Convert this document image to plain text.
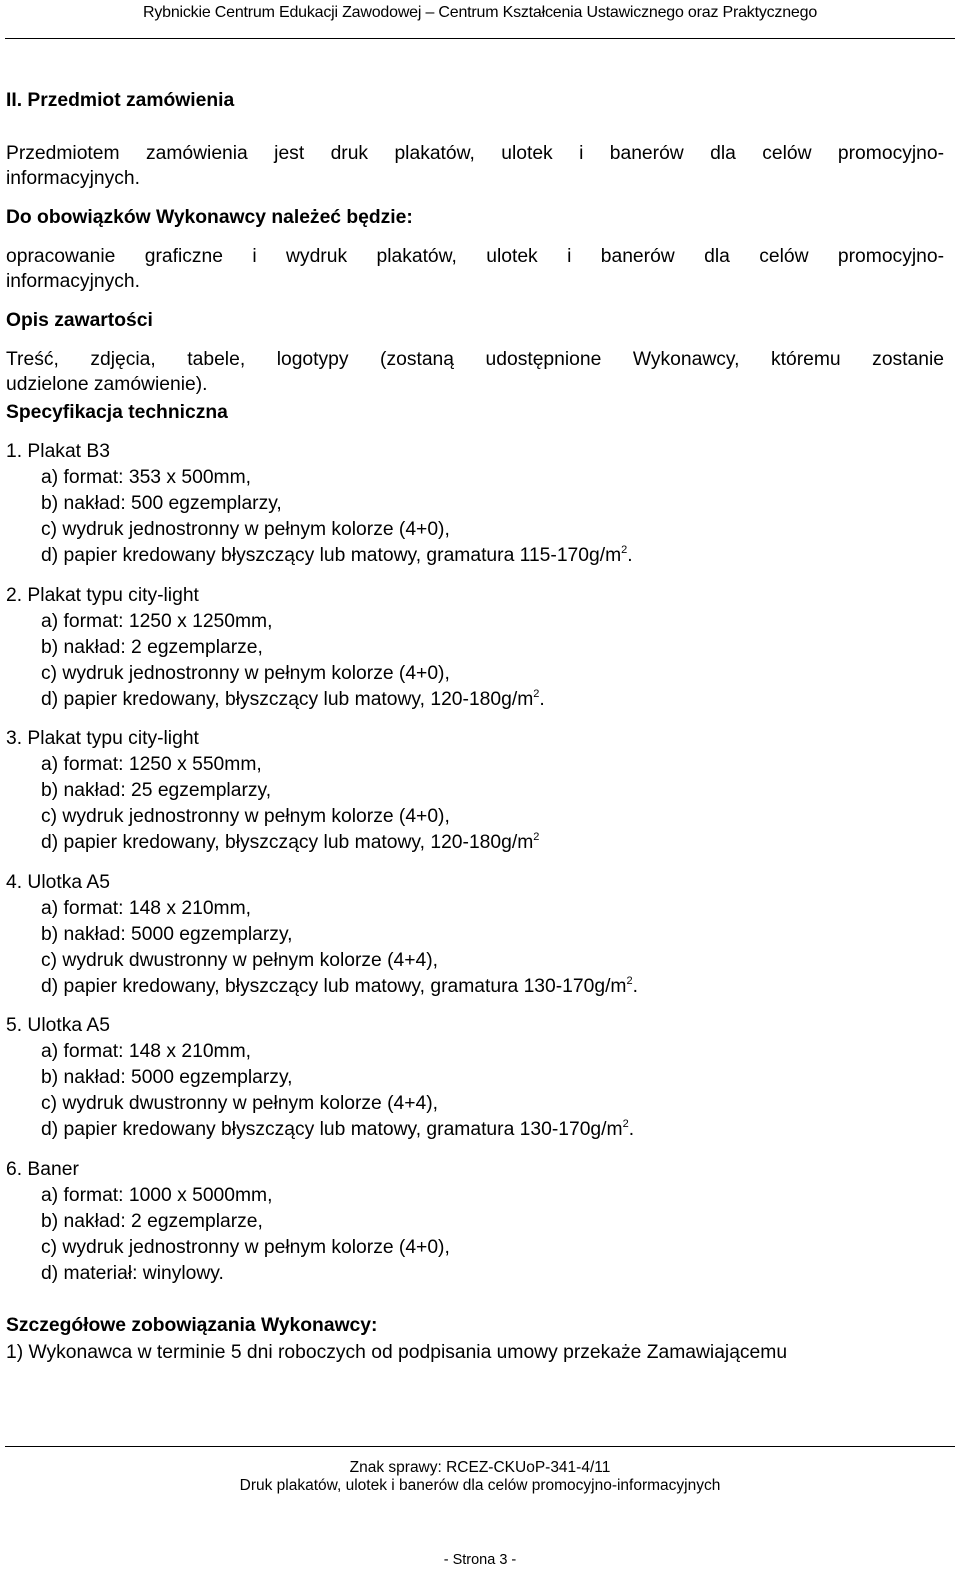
Rybnickie Centrum Edukacji Zawodowej – Centrum Kształcenia Ustawicznego oraz Praktycznego
II. Przedmiot zamówienia
Przedmiotem zamówienia jest druk plakatów, ulotek i banerów dla celów promocyjno-
informacyjnych.
Do obowiązków Wykonawcy należeć będzie:
opracowanie graficzne i wydruk plakatów, ulotek i banerów dla celów promocyjno-
informacyjnych.
Opis zawartości
Treść, zdjęcia, tabele, logotypy (zostaną udostępnione Wykonawcy, któremu zostanie
udzielone zamówienie).
Specyfikacja techniczna
1. Plakat B3
a) format: 353 x 500mm,
b) nakład: 500 egzemplarzy,
c) wydruk jednostronny w pełnym kolorze (4+0),
d) papier kredowany błyszczący lub matowy, gramatura $115-170g/m^2$.
2. Plakat typu city-light
a) format: 1250 x 1250mm,
b) nakład: 2 egzemplarze,
c) wydruk jednostronny w pełnym kolorze (4+0),
d) papier kredowany, błyszczący lub matowy, $120-180g/m^2$.
3. Plakat typu city-light
a) format: 1250 x 550mm,
b) nakład: 25 egzemplarzy,
c) wydruk jednostronny w pełnym kolorze (4+0),
d) papier kredowany, błyszczący lub matowy, $120-180g/m^2$
4. Ulotka A5
a) format: 148 x 210mm,
b) nakład: 5000 egzemplarzy,
c) wydruk dwustronny w pełnym kolorze (4+4),
d) papier kredowany, błyszczący lub matowy, gramatura $130-170g/m^2$.
5. Ulotka A5
a) format: 148 x 210mm,
b) nakład: 5000 egzemplarzy,
c) wydruk dwustronny w pełnym kolorze (4+4),
d) papier kredowany błyszczący lub matowy, gramatura $130-170g/m^2$.
6. Baner
a) format: 1000 x 5000mm,
b) nakład: 2 egzemplarze,
c) wydruk jednostronny w pełnym kolorze (4+0),
d) materiał: winylowy.
Szczegółowe zobowiązania Wykonawcy:
1) Wykonawca w terminie 5 dni roboczych od podpisania umowy przekaże Zamawiającemu
Znak sprawy: RCEZ-CKUoP-341-4/11
Druk plakatów, ulotek i banerów dla celów promocyjno-informacyjnych
- Strona 3 -
